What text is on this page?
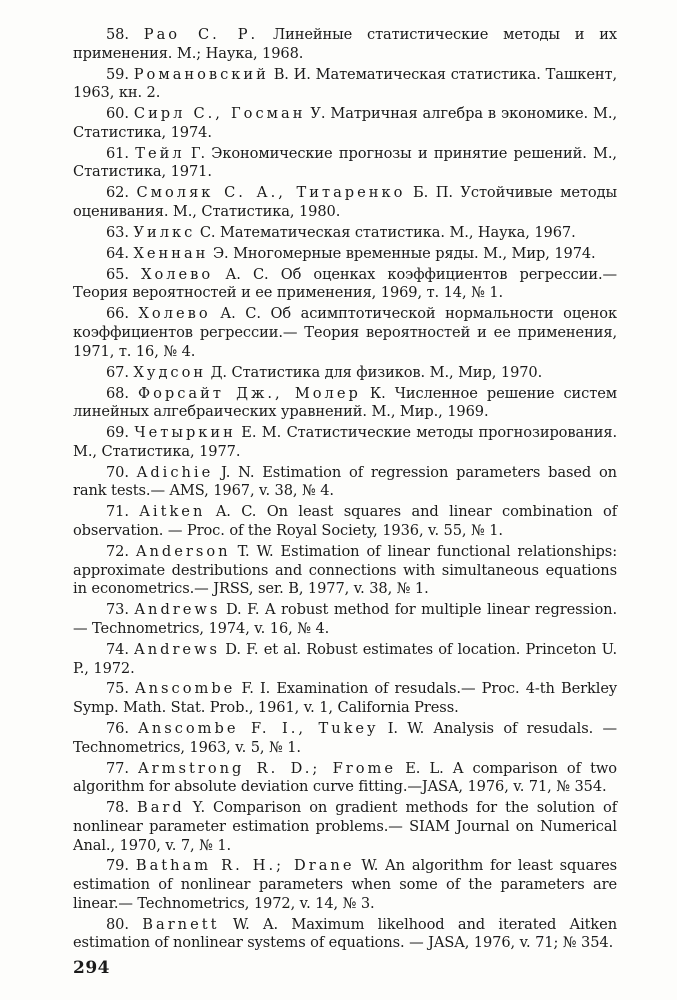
58. Рао С. Р. Линейные статистические методы и их применения. М.; Наука, 1968.

59. Романовский В. И. Математическая статистика. Ташкент, 1963, кн. 2.

60. Сирл С., Госман У. Матричная алгебра в экономике. М., Статистика, 1974.

61. Тейл Г. Экономические прогнозы и принятие решений. М., Статистика, 1971.

62. Смоляк С. А., Титаренко Б. П. Устойчивые методы оценивания. М., Статистика, 1980.

63. Уилкс С. Математическая статистика. М., Наука, 1967.

64. Хеннан Э. Многомерные временные ряды. М., Мир, 1974.

65. Холево А. С. Об оценках коэффициентов регрессии.— Теория вероятностей и ее применения, 1969, т. 14, № 1.

66. Холево А. С. Об асимптотической нормальности оценок коэффициентов регрессии.— Теория вероятностей и ее применения, 1971, т. 16, № 4.

67. Худсон Д. Статистика для физиков. М., Мир, 1970.

68. Форсайт Дж., Молер К. Численное решение систем линейных алгебраических уравнений. М., Мир., 1969.

69. Четыркин Е. М. Статистические методы прогнозирования. М., Статистика, 1977.

70. Adichie J. N. Estimation of regression parameters based on rank tests.— AMS, 1967, v. 38, № 4.

71. Aitken A. C. On least squares and linear combination of observation. — Proc. of the Royal Society, 1936, v. 55, № 1.

72. Anderson T. W. Estimation of linear functional relationships: approximate destributions and connections with simultaneous equations in econometrics.— JRSS, ser. B, 1977, v. 38, № 1.

73. Andrews D. F. A robust method for multiple linear regression. — Technometrics, 1974, v. 16, № 4.

74. Andrews D. F. et al. Robust estimates of location. Princeton U. P., 1972.

75. Anscombe F. I. Examination of resudals.— Proc. 4-th Berkley Symp. Math. Stat. Prob., 1961, v. 1, California Press.

76. Anscombe F. I., Tukey I. W. Analysis of resudals. — Technometrics, 1963, v. 5, № 1.

77. Armstrong R. D.; Frome E. L. A comparison of two algorithm for absolute deviation curve fitting.—JASA, 1976, v. 71, № 354.

78. Bard Y. Comparison on gradient methods for the solution of nonlinear parameter estimation problems.— SIAM Journal on Numerical Anal., 1970, v. 7, № 1.

79. Batham R. H.; Drane W. An algorithm for least squares estimation of nonlinear parameters when some of the parameters are linear.— Technometrics, 1972, v. 14, № 3.

80. Barnett W. A. Maximum likelhood and iterated Aitken estimation of nonlinear systems of equations. — JASA, 1976, v. 71; № 354.

294
